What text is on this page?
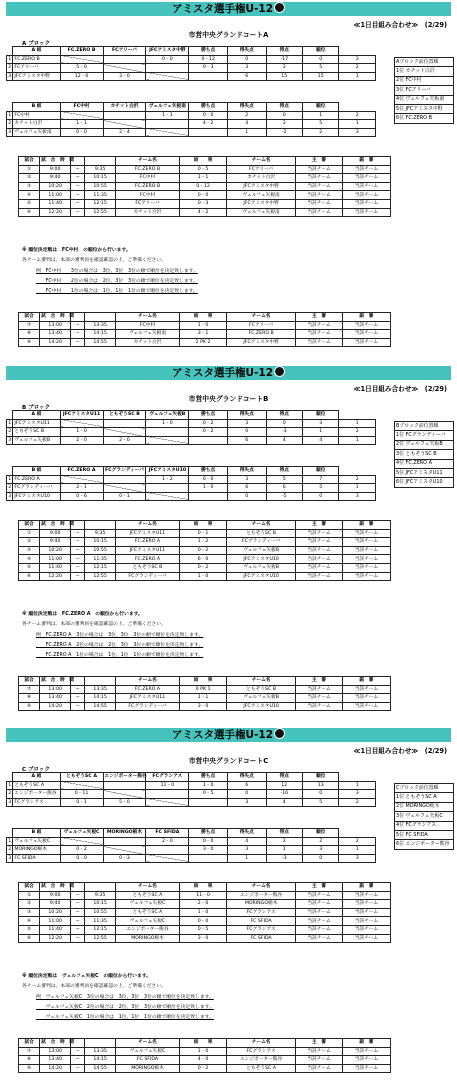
アミスタ選手権U-12
≪1日目組み合わせ≫　(2/29)
市営中央グランドコートA
A ブロック
	A 組	FC.ZERO B	FCアリーバ	JFCアミスタ中野	勝ち点	得失点	得点	順位	
1	FC.ZERO B			0 - 0	0 - 12	0	-17	0	3
2	FCアリーバ	5 - 0			0 - 3	3	2	5	2
3	JFCアミスタ中野	12 - 0	3 - 0			6	15	15	1
	B 組	FC中村	カチット白沢	ヴェルフェ矢板南	勝ち点	得失点	得点	順位	
1	FC中村			1 - 1	0 - 0	2	0	1	2
2	カチット白沢	1 - 1			4 - 2	4	2	5	1
3	ヴェルフェ矢板南	0 - 0	2 - 4			1	-2	2	3
Aブロック前位置順
1位 カチット白沢
2位 FC中村
3位 FCアリーバ
4位 ヴェルフェ矢板南
5位 JFCアミスタ中野
6位 FC.ZERO B
試合	試　合　時　間			チーム名	結　　果	チーム名	主　審	副　審	
①	9:00	−	9:35	FC.ZERO B	0 - 5	FCアリーバ	当該チーム	当該チーム	
②	9:40	−	10:15	FC中村	1 - 1	カチット白沢	当該チーム	当該チーム	
③	10:20	−	10:55	FC.ZERO B	0 - 12	JFCアミスタ中野	当該チーム	当該チーム	
④	11:00	−	11:35	FC中村	0 - 0	ヴェルフェ矢板南	当該チーム	当該チーム	
⑤	11:40	−	12:15	FCアリーバ	0 - 3	JFCアミスタ中野	当該チーム	当該チーム	
⑥	12:20	−	12:55	カチット白沢	4 - 2	ヴェルフェ矢板南	当該チーム	当該チーム	
※ 順位決定戦は　FC中村　の順位から行います。
各チーム審判は、本部の審判員を確認確認の上、ご準備ください。
例　FC中村　　3位の場合は　3位、3位　3位の順で順位を決定致します。
　　FC中村　　2位の場合は　2位、3位　3位の順で順位を決定致します。
　　FC中村　　1位の場合は　1位、1位　1位の順で順位を決定致します。
試合	試　合　時　間			チーム名	結　　果	チーム名	主　審	副　審	
⑦	13:00	−	13:35	FC中村	1 - 0	FCアリーバ	当該チーム	当該チーム	
⑧	13:40	−	14:15	ヴェルフェ矢板南	3 - 1	FC.ZERO B	当該チーム	当該チーム	
⑨	14:20	−	14:55	カチット白沢	2 PK 2	JFCアミスタ中野	当該チーム	当該チーム	
アミスタ選手権U-12
≪1日目組み合わせ≫　(2/29)
市営中央グランドコートB
B ブロック
	A 組	JFCアミスタU11	ともぞうSC B	ヴェルフェ矢板B	勝ち点	得失点	得点	順位	
1	JFCアミスタU11			1 - 0	0 - 2	3	0	3	1
2	ともぞうSC B	1 - 0			0 - 2	0	-3	1	2
3	ヴェルフェ矢板B	2 - 0	2 - 0			6	4	4	1
	B 組	FC.ZERO A	FCグランディーバ	JFCアミスタU10	勝ち点	得失点	得点	順位	
1	FC.ZERO A			1 - 2	6 - 0	3	5	7	2
2	FCグランディーバ	2 - 1			1 - 0	6	6	5	1
3	JFCアミスタU10	0 - 6	0 - 1			0	-5	0	3
Bブロック前位置順
1位 FCグランディーバ
2位 ヴェルフェ矢板B
3位 ともぞうSC B
4位 FC.ZERO A
5位 JFCアミスタU11
6位 JFCアミスタU10
試合	試　合　時　間			チーム名	結　　果	チーム名	主　審	副　審	
①	9:00	−	9:35	JFCアミスタU11	0 - 1	ともぞうSC B	当該チーム	当該チーム	
②	9:40	−	10:15	FC.ZERO A	1 - 2	FCグランディーバ	当該チーム	当該チーム	
③	10:20	−	10:55	JFCアミスタU11	0 - 2	ヴェルフェ矢板B	当該チーム	当該チーム	
④	11:00	−	11:35	FC.ZERO A	6 - 0	JFCアミスタU10	当該チーム	当該チーム	
⑤	11:40	−	12:15	ともぞうSC B	0 - 2	ヴェルフェ矢板B	当該チーム	当該チーム	
⑥	12:20	−	12:55	FCグランディーバ	1 - 0	JFCアミスタU10	当該チーム	当該チーム	
※ 順位決定戦は　FC.ZERO A　の順位から行います。
各チーム審判は、本部の審判員を確認確認の上、ご準備ください。
例　FC.ZERO A　3位の場合は　3位、3位　3位の順で順位を決定致します。
　　FC.ZERO A　2位の場合は　2位、3位　3位の順で順位を決定致します。
　　FC.ZERO A　1位の場合は　1位、1位　1位の順で順位を決定致します。
試合	試　合　時　間			チーム名	結　　果	チーム名	主　審	副　審	
⑦	13:00	−	13:35	FC.ZERO A	0 PK 1	ともぞうSC B	当該チーム	当該チーム	
⑧	13:40	−	14:15	JFCアミスタU11	1 - 1	ヴェルフェ矢板B	当該チーム	当該チーム	
⑨	14:20	−	14:55	FCグランディーバ	3 - 0	JFCアミスタU10	当該チーム	当該チーム	
アミスタ選手権U-12
≪1日目組み合わせ≫　(2/29)
市営中央グランドコートC
C ブロック
	A 組	ともぞうSC A	エンジポーター熊谷	FCグラシアス	勝ち点	得失点	得点	順位	
1	ともぞうSC A			11 - 0	1 - 0	6	12	13	1
2	エンジポーター熊谷	0 - 11			0 - 5	0	-16	0	3
3	FCグラシアス	0 - 1	5 - 0			3	4	5	2
	B 組	ヴェルフェ矢板C	MORINGO栃木	FC SFIDA	勝ち点	得失点	得点	順位	
1	ヴェルフェ矢板C			2 - 0	0 - 0	4	2	2	2
2	MORINGO栃木	0 - 2			3 - 0	3	1	3	1
3	FC SFIDA	0 - 0	0 - 3			1	-3	0	3
Cブロック前位置順
1位 ともぞうSC A
2位 MORINGO栃木
3位 ヴェルフェ矢板C
4位 FCグラシアス
5位 FC SFIDA
6位 エンジポーター熊谷
試合	試　合　時　間			チーム名	結　　果	チーム名	主　審	副　審	
①	9:00	−	9:35	ともぞうSC A	11 - 0	エンジポーター熊谷	当該チーム	当該チーム	
②	9:40	−	10:15	ヴェルフェ矢板C	2 - 0	MORINGO栃木	当該チーム	当該チーム	
③	10:20	−	10:55	ともぞうSC A	1 - 0	FCグラシアス	当該チーム	当該チーム	
④	11:00	−	11:35	ヴェルフェ矢板C	0 - 0	FC SFIDA	当該チーム	当該チーム	
⑤	11:40	−	12:15	エンジポーター熊谷	0 - 5	FCグラシアス	当該チーム	当該チーム	
⑥	12:20	−	12:55	MORINGO栃木	3 - 0	FC SFIDA	当該チーム	当該チーム	
※ 順位決定戦は　ヴェルフェ矢板C　の順位から行います。
各チーム審判は、本部の審判員を確認確認の上、ご準備ください。
例　ヴェルフェ矢板C　3位の場合は　3位、3位　3位の順で順位を決定致します。
　　ヴェルフェ矢板C　2位の場合は　2位、3位　3位の順で順位を決定致します。
　　ヴェルフェ矢板C　1位の場合は　1位、1位　1位の順で順位を決定致します。
試合	試　合　時　間			チーム名	結　　果	チーム名	主　審	副　審	
⑦	13:00	−	13:35	ヴェルフェ矢板C	1 - 0	FCグラシアス	当該チーム	当該チーム	
⑧	13:40	−	14:15	FC SFIDA	4 - 0	エンジポーター熊谷	当該チーム	当該チーム	
⑨	14:20	−	14:55	MORINGO栃木	0 - 2	ともぞうSC A	当該チーム	当該チーム	
